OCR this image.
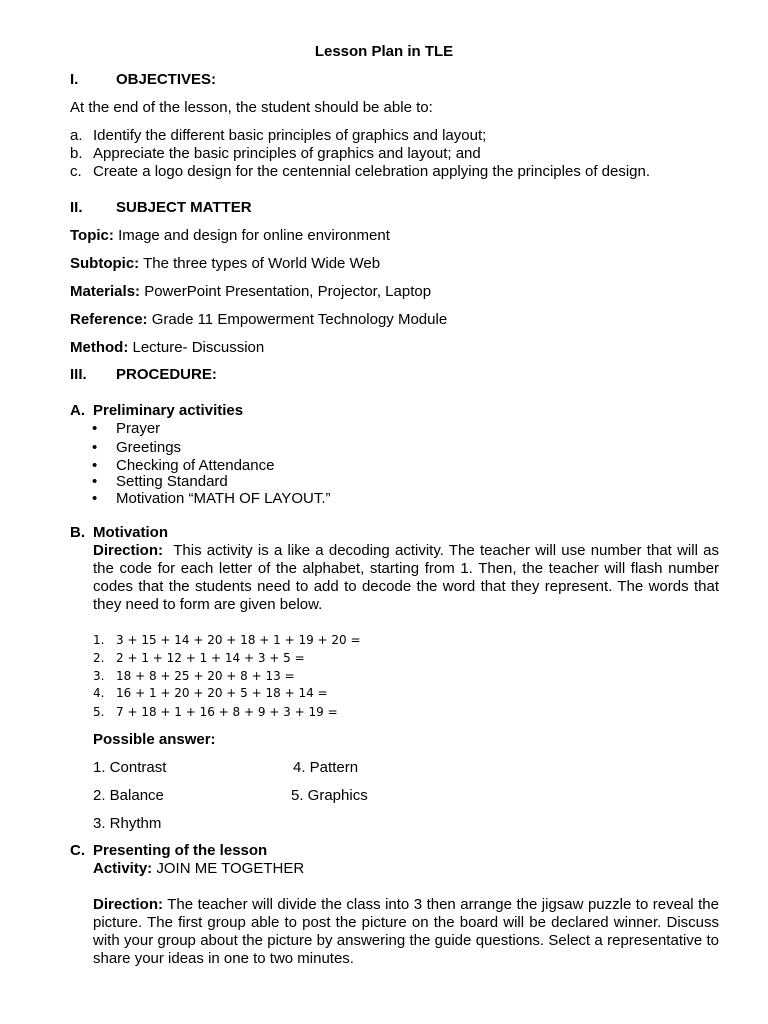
Lesson Plan in TLE
I.	OBJECTIVES:
At the end of the lesson, the student should be able to:
a. Identify the different basic principles of graphics and layout;
b. Appreciate the basic principles of graphics and layout; and
c. Create a logo design for the centennial celebration applying the principles of design.
II. SUBJECT MATTER
Topic: Image and design for online environment
Subtopic: The three types of World Wide Web
Materials: PowerPoint Presentation, Projector, Laptop
Reference: Grade 11 Empowerment Technology Module
Method: Lecture- Discussion
III. PROCEDURE:
A. Preliminary activities
• Prayer
• Greetings
• Checking of Attendance
• Setting Standard
• Motivation “MATH OF LAYOUT.”
B. Motivation
Direction: This activity is a like a decoding activity. The teacher will use number that will as the code for each letter of the alphabet, starting from 1. Then, the teacher will flash number codes that the students need to add to decode the word that they represent. The words that they need to form are given below.
1. 3 + 15 + 14 + 20 + 18 + 1 + 19 + 20 =
2. 2 + 1 + 12 + 1 + 14 + 3 + 5 =
3. 18 + 8 + 25 + 20 + 8 + 13 =
4. 16 + 1 + 20 + 20 + 5 + 18 + 14 =
5. 7 + 18 + 1 + 16 + 8 + 9 + 3 + 19 =
Possible answer:
1. Contrast	4. Pattern
2. Balance	5. Graphics
3. Rhythm
C. Presenting of the lesson
Activity: JOIN ME TOGETHER
Direction: The teacher will divide the class into 3 then arrange the jigsaw puzzle to reveal the picture. The first group able to post the picture on the board will be declared winner. Discuss with your group about the picture by answering the guide questions. Select a representative to share your ideas in one to two minutes.
